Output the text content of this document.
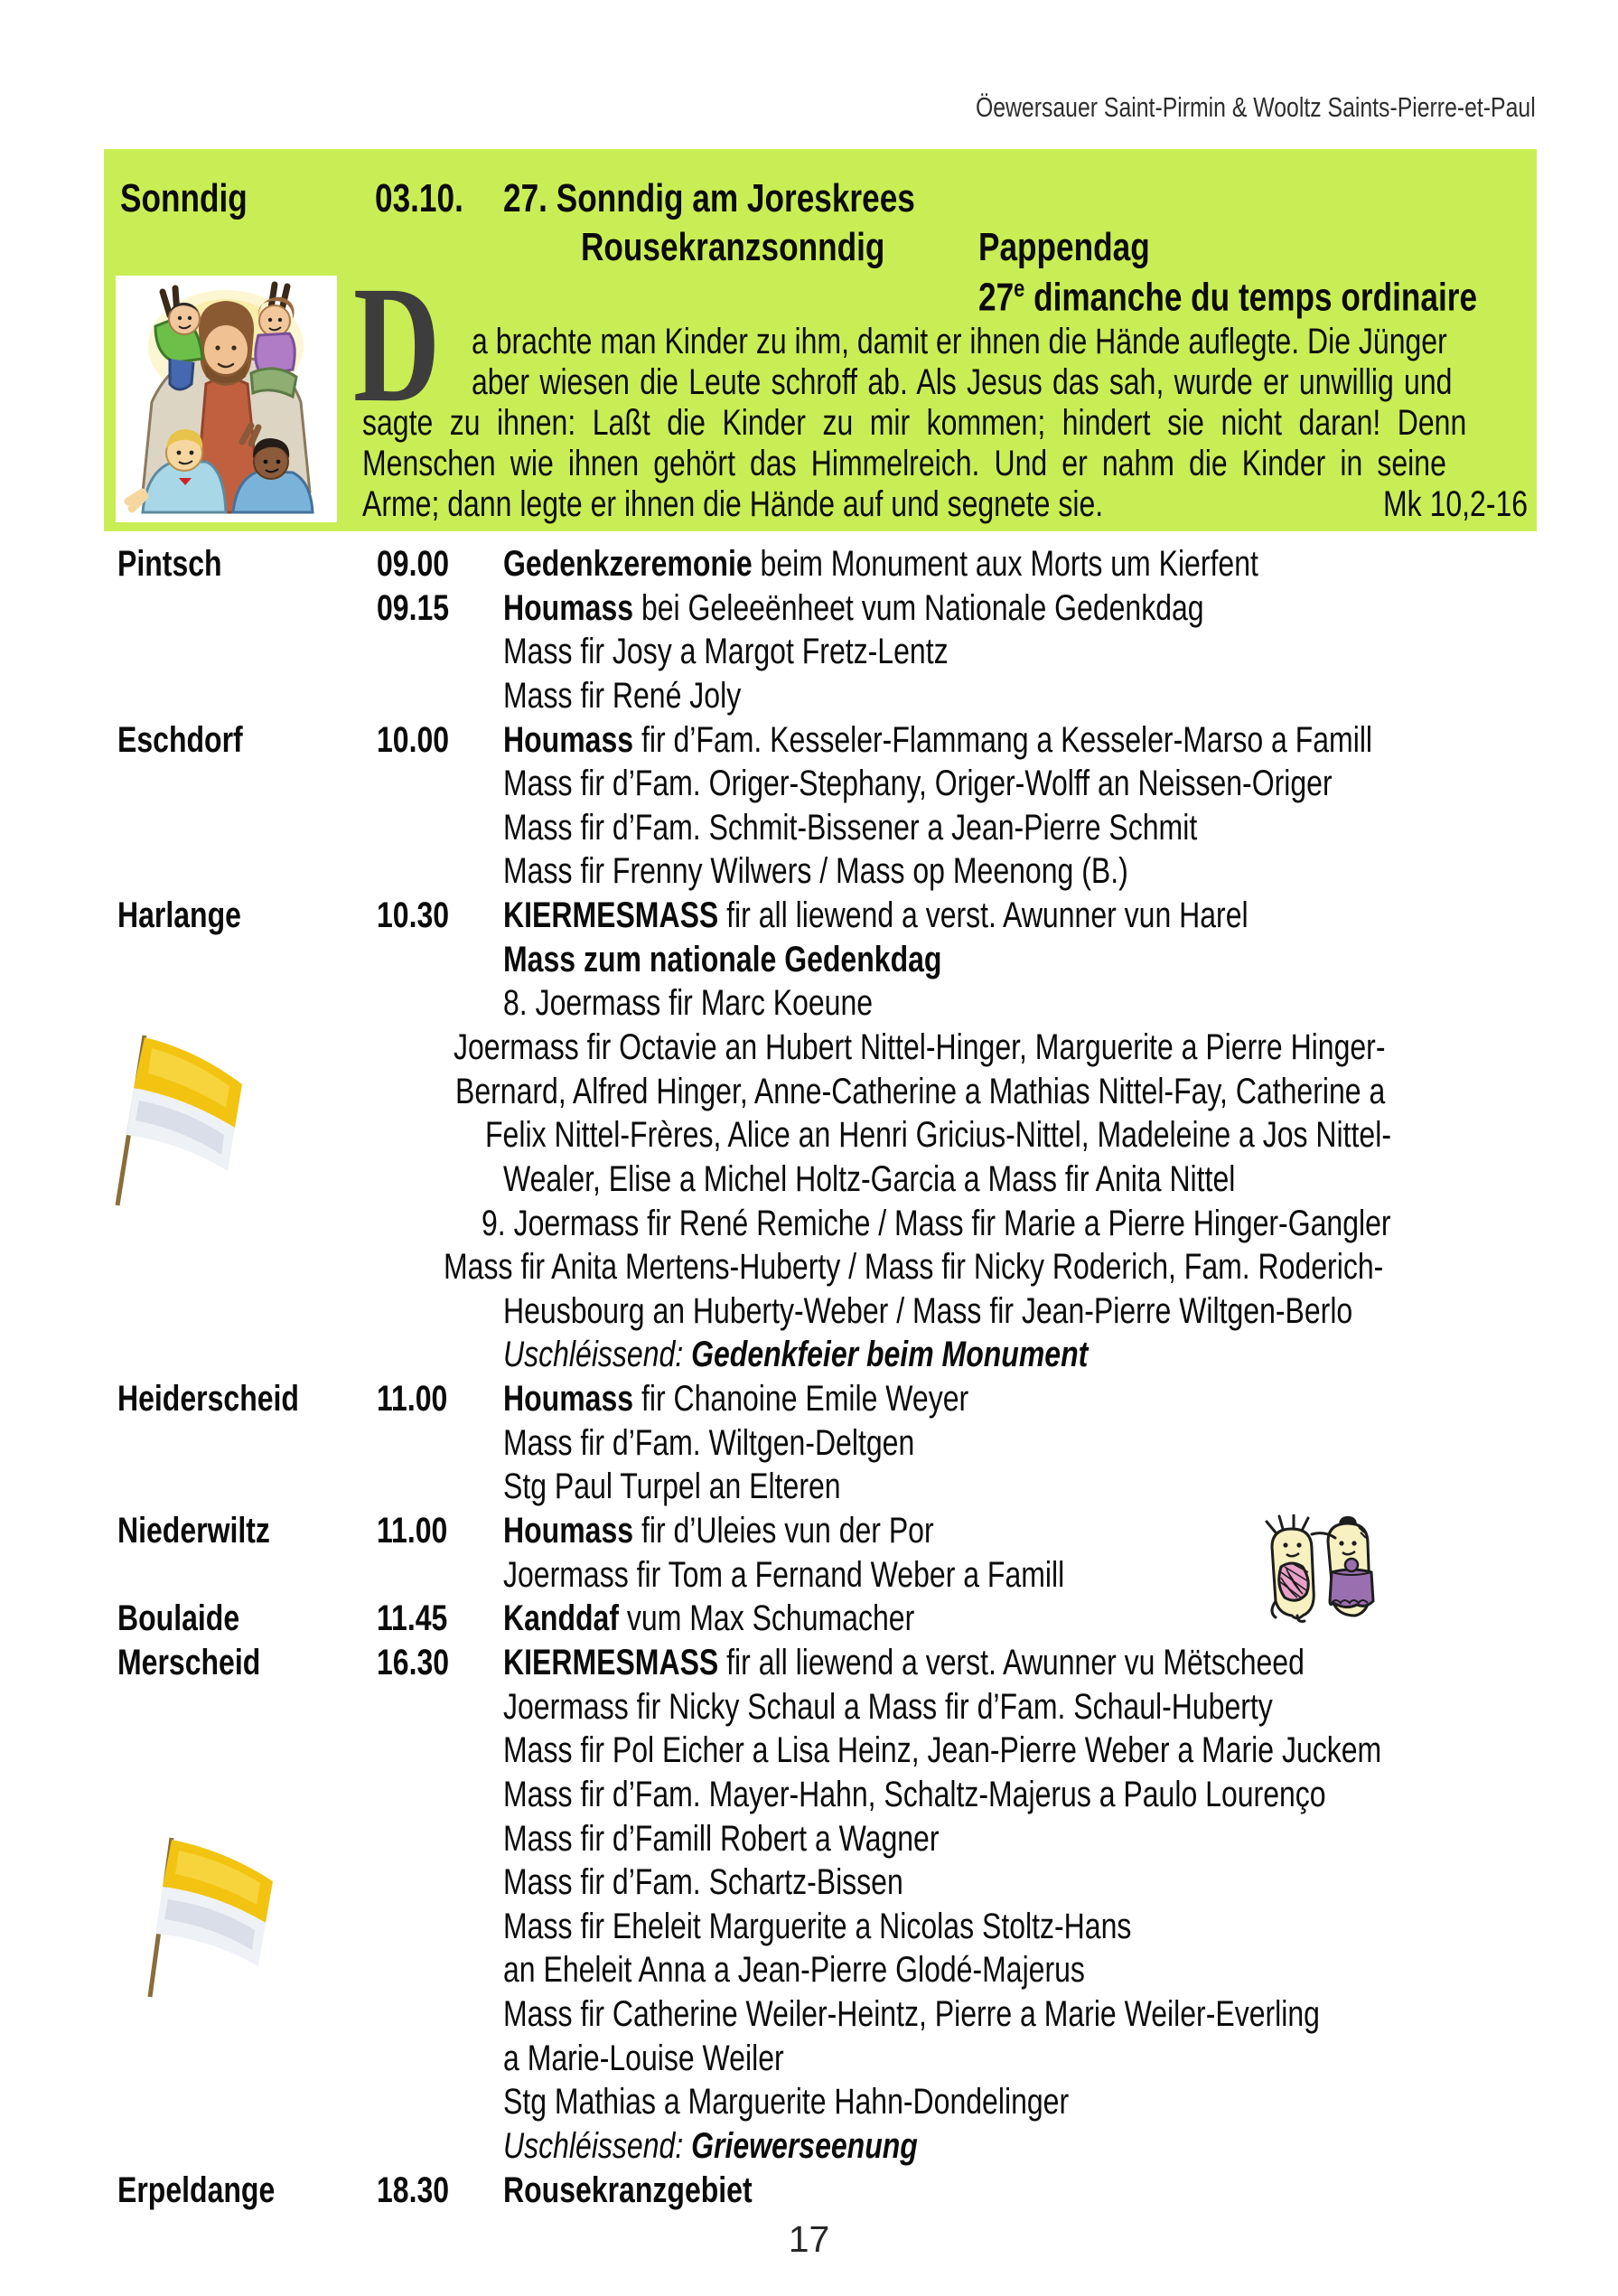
Öewersauer Saint-Pirmin & Wooltz Saints-Pierre-et-Paul
Sonndig	03.10.	27. Sonndig am Joreskrees
Rousekranzsonndig	Pappendag
27e dimanche du temps ordinaire
D a brachte man Kinder zu ihm, damit er ihnen die Hände auflegte. Die Jünger
aber wiesen die Leute schroff ab. Als Jesus das sah, wurde er unwillig und
sagte zu ihnen: Laßt die Kinder zu mir kommen; hindert sie nicht daran! Denn
Menschen wie ihnen gehört das Himmelreich. Und er nahm die Kinder in seine
Arme; dann legte er ihnen die Hände auf und segnete sie.	Mk 10,2-16
Pintsch	09.00	Gedenkzeremonie beim Monument aux Morts um Kierfent
09.15	Houmass bei Geleeënheet vum Nationale Gedenkdag
Mass fir Josy a Margot Fretz-Lentz
Mass fir René Joly
Eschdorf	10.00	Houmass fir d’Fam. Kesseler-Flammang a Kesseler-Marso a Famill
Mass fir d’Fam. Origer-Stephany, Origer-Wolff an Neissen-Origer
Mass fir d’Fam. Schmit-Bissener a Jean-Pierre Schmit
Mass fir Frenny Wilwers / Mass op Meenong (B.)
Harlange	10.30	KIERMESMASS fir all liewend a verst. Awunner vun Harel
Mass zum nationale Gedenkdag
8. Joermass fir Marc Koeune
Joermass fir Octavie an Hubert Nittel-Hinger, Marguerite a Pierre Hinger-
Bernard, Alfred Hinger, Anne-Catherine a Mathias Nittel-Fay, Catherine a
Felix Nittel-Frères, Alice an Henri Gricius-Nittel, Madeleine a Jos Nittel-
Wealer, Elise a Michel Holtz-Garcia a Mass fir Anita Nittel
9. Joermass fir René Remiche / Mass fir Marie a Pierre Hinger-Gangler
Mass fir Anita Mertens-Huberty / Mass fir Nicky Roderich, Fam. Roderich-
Heusbourg an Huberty-Weber / Mass fir Jean-Pierre Wiltgen-Berlo
Uschléissend: Gedenkfeier beim Monument
Heiderscheid	11.00	Houmass fir Chanoine Emile Weyer
Mass fir d’Fam. Wiltgen-Deltgen
Stg Paul Turpel an Elteren
Niederwiltz	11.00	Houmass fir d’Uleies vun der Por
Joermass fir Tom a Fernand Weber a Famill
Boulaide	11.45	Kanddaf vum Max Schumacher
Merscheid	16.30	KIERMESMASS fir all liewend a verst. Awunner vu Mëtscheed
Joermass fir Nicky Schaul a Mass fir d’Fam. Schaul-Huberty
Mass fir Pol Eicher a Lisa Heinz, Jean-Pierre Weber a Marie Juckem
Mass fir d’Fam. Mayer-Hahn, Schaltz-Majerus a Paulo Lourenço
Mass fir d’Famill Robert a Wagner
Mass fir d’Fam. Schartz-Bissen
Mass fir Eheleit Marguerite a Nicolas Stoltz-Hans
an Eheleit Anna a Jean-Pierre Glodé-Majerus
Mass fir Catherine Weiler-Heintz, Pierre a Marie Weiler-Everling
a Marie-Louise Weiler
Stg Mathias a Marguerite Hahn-Dondelinger
Uschléissend: Griewerseenung
Erpeldange	18.30	Rousekranzgebiet
17
